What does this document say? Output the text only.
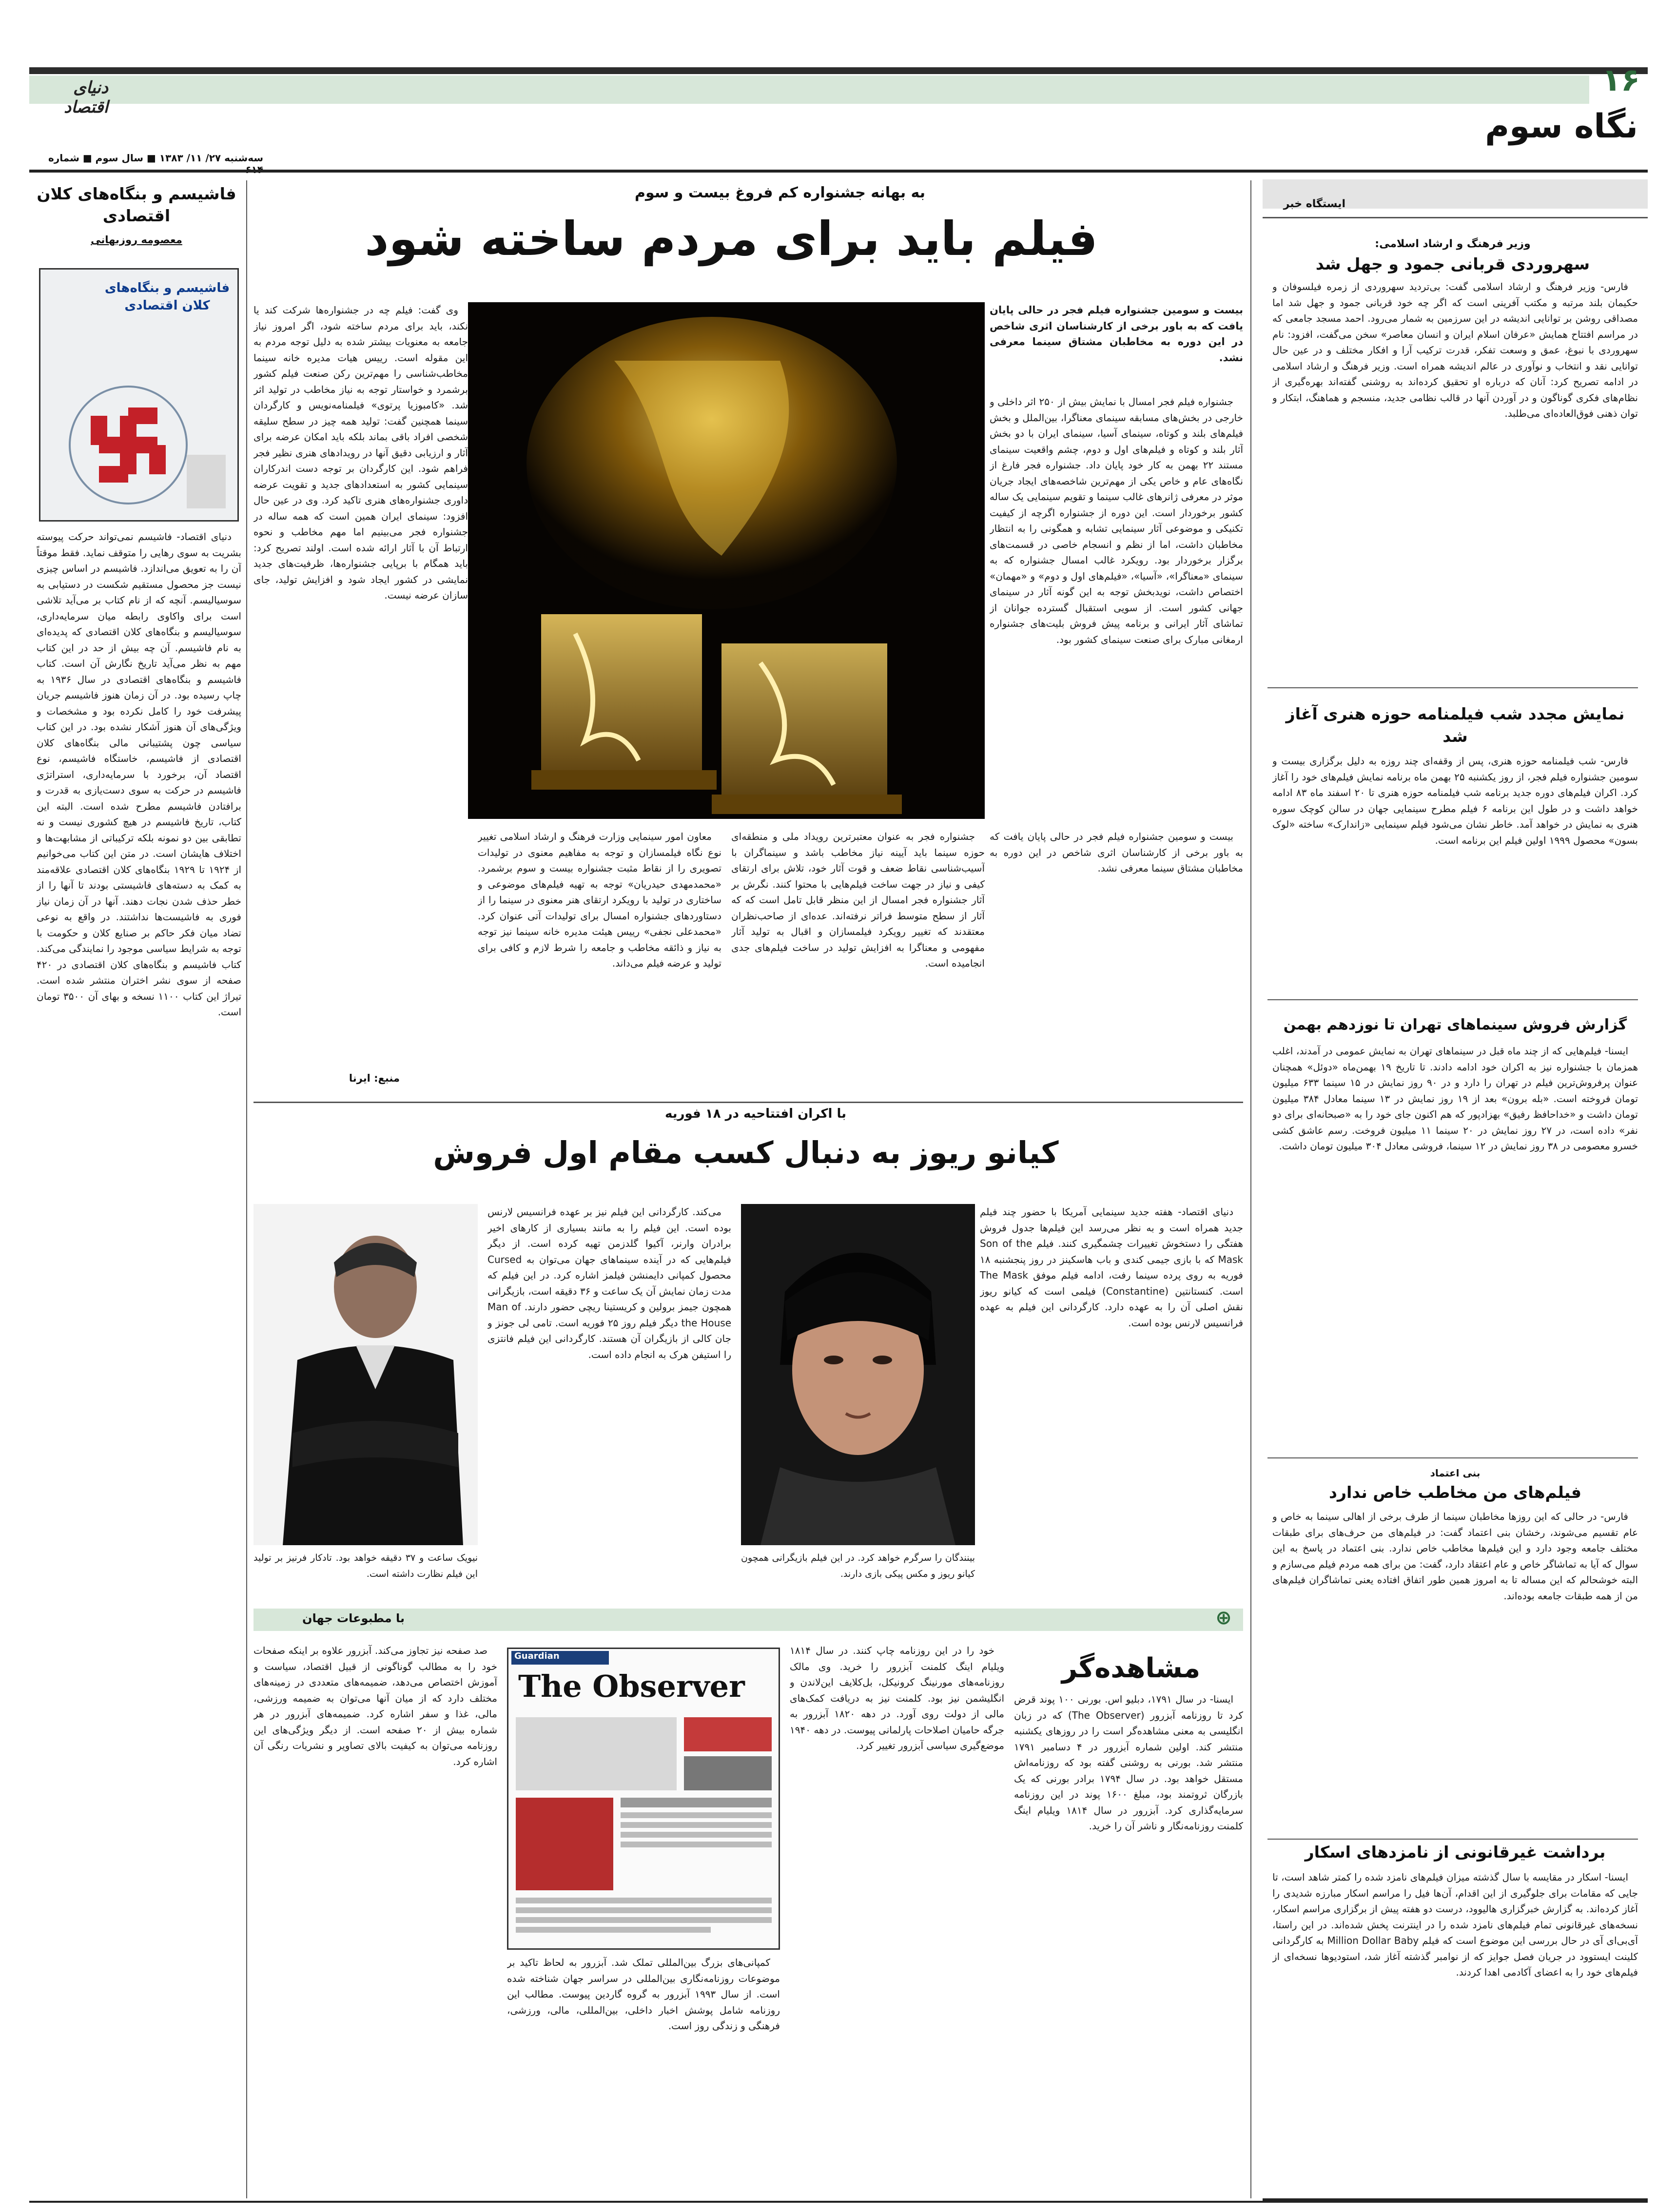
۱۶
دنیای اقتصاد	نگاه سوم
سه‌شنبه ۲۷/ ۱۱/ ۱۳۸۳ ■ سال سوم ■ شماره
ایستگاه خبر
وزیر فرهنگ و ارشاد اسلامی:
سهروردی قربانی جمود و جهل شد

فارس- وزیر فرهنگ و ارشاد اسلامی گفت: بی‌تردید سهروردی از زمره فیلسوفان و حکیمان بلند مرتبه و مکتب آفرینی است که اگر چه خود قربانی جمود و جهل شد اما مصداقی روشن بر توانایی اندیشه در این سرزمین به شمار می‌رود. احمد مسجد جامعی که در مراسم افتتاح همایش «عرفان اسلام ایران و انسان معاصر» سخن می‌گفت، افزود: نام سهروردی با نبوغ، عمق و وسعت تفکر، قدرت ترکیب آرا و افکار مختلف و در عین حال توانایی نقد و انتخاب و نوآوری در عالم اندیشه همراه است. وزیر فرهنگ و ارشاد اسلامی در ادامه تصریح کرد: آنان که درباره او تحقیق کرده‌اند به روشنی گفته‌اند بهره‌گیری از نظام‌های فکری گوناگون و در آوردن آنها در قالب نظامی جدید، منسجم و هماهنگ، ابتکار و توان ذهنی فوق‌العاده‌ای می‌طلبد.

نمایش مجدد شب فیلمنامه حوزه هنری آغاز شد

فارس- شب فیلمنامه حوزه هنری، پس از وقفه‌ای چند روزه به دلیل برگزاری بیست و سومین جشنواره فیلم فجر، از روز یکشنبه ۲۵ بهمن ماه برنامه نمایش فیلم‌های خود را آغاز کرد. اکران فیلم‌های دوره جدید برنامه شب فیلمنامه حوزه هنری تا ۲۰ اسفند ماه ۸۳ ادامه خواهد داشت و در طول این برنامه ۶ فیلم مطرح سینمایی جهان در سالن کوچک سوره هنری به نمایش در خواهد آمد. خاطر نشان می‌شود فیلم سینمایی «زاندارک» ساخته «لوک بسون» محصول ۱۹۹۹ اولین فیلم این برنامه است.

گزارش فروش سینماهای تهران تا نوزدهم بهمن

ایسنا- فیلم‌هایی که از چند ماه قبل در سینماهای تهران به نمایش عمومی در آمدند، اغلب همزمان با جشنواره نیز به اکران خود ادامه دادند. تا تاریخ ۱۹ بهمن‌ماه «دوئل» همچنان عنوان پرفروش‌ترین فیلم در تهران را دارد و در ۹۰ روز نمایش در ۱۵ سینما ۶۳۳ میلیون تومان فروخته است. «بله برون» بعد از ۱۹ روز نمایش در ۱۳ سینما معادل ۳۸۴ میلیون تومان داشت و «خداحافظ رفیق» بهزادپور که هم اکنون جای خود را به «صبحانه‌ای برای دو نفر» داده است، در ۲۷ روز نمایش در ۲۰ سینما ۱۱ میلیون فروخت. رسم عاشق کشی خسرو معصومی در ۳۸ روز نمایش در ۱۲ سینما، فروشی معادل ۳۰۴ میلیون تومان داشت.

بنی اعتماد
فیلم‌های من مخاطب خاص ندارد

فارس- در حالی که این روزها مخاطبان سینما از طرف برخی از اهالی سینما به خاص و عام تقسیم می‌شوند، رخشان بنی اعتماد گفت: در فیلم‌های من حرف‌های برای طبقات مختلف جامعه وجود دارد و این فیلم‌ها مخاطب خاص ندارد. بنی اعتماد در پاسخ به این سوال که آیا به تماشاگر خاص و عام اعتقاد دارد، گفت: من برای همه مردم فیلم می‌سازم و البته خوشحالم که این مساله تا به امروز همین طور اتفاق افتاده یعنی تماشاگران فیلم‌های من از همه طبقات جامعه بوده‌اند.

برداشت غیرقانونی از نامزدهای اسکار

ایسنا- اسکار در مقایسه با سال گذشته میزان فیلم‌های نامزد شده را کمتر شاهد است، تا جایی که مقامات برای جلوگیری از این اقدام، آن‌ها فیل را مراسم اسکار مبارزه شدیدی را آغاز کرده‌اند. به گزارش خبرگزاری هالیوود، درست دو هفته پیش از برگزاری مراسم اسکار، نسخه‌های غیرقانونی تمام فیلم‌های نامزد شده را در اینترنت پخش شده‌اند. در این راستا، آی‌بی‌ای آی در حال بررسی این موضوع است که فیلم Million Dollar Baby به کارگردانی کلینت ایستوود در جریان فصل جوایز که از نوامبر گذشته آغاز شد، استودیوها نسخه‌ای از فیلم‌های خود را به اعضای آکادمی اهدا کردند.

به بهانه جشنواره کم فروغ بیست و سوم
فیلم باید برای مردم ساخته شود

بیست و سومین جشنواره فیلم فجر در حالی پایان یافت که به باور برخی از کارشناسان اثری شاخص در این دوره به مخاطبان مشتاق سینما معرفی نشد.

جشنواره فیلم فجر امسال با نمایش بیش از ۲۵۰ اثر داخلی و خارجی در بخش‌های مسابقه سینمای معناگرا، بین‌الملل و بخش فیلم‌های بلند و کوتاه، سینمای آسیا، سینمای ایران با دو بخش آثار بلند و کوتاه و فیلم‌های اول و دوم، چشم واقعیت سینمای مستند ۲۲ بهمن به کار خود پایان داد. جشنواره فجر فارغ از نگاه‌های عام و خاص یکی از مهم‌ترین شاخصه‌های ایجاد جریان موثر در معرفی ژانرهای غالب سینما و تقویم سینمایی یک ساله کشور برخوردار است. این دوره از جشنواره اگرچه از کیفیت تکنیکی و موضوعی آثار سینمایی تشابه و همگونی را به انتظار مخاطبان داشت، اما از نظم و انسجام خاصی در قسمت‌های برگزار برخوردار بود. رویکرد غالب امسال جشنواره که به سینمای «معناگرا»، «آسیا»، «فیلم‌های اول و دوم» و «مهمان» اختصاص داشت، نویدبخش توجه به این گونه آثار در سینمای جهانی کشور است. از سویی استقبال گسترده جوانان از تماشای آثار ایرانی و برنامه پیش فروش بلیت‌های جشنواره ارمغانی مبارک برای صنعت سینمای کشور بود.

وی گفت: فیلم چه در جشنواره‌ها شرکت کند یا نکند، باید برای مردم ساخته شود، اگر امروز نیاز جامعه به معنویات بیشتر شده به دلیل توجه مردم به این مقوله است. رییس هیات مدیره خانه سینما مخاطب‌شناسی را مهم‌ترین رکن صنعت فیلم کشور برشمرد و خواستار توجه به نیاز مخاطب در تولید اثر شد. «کامبوزیا پرتوی» فیلمنامه‌نویس و کارگردان سینما همچنین گفت: تولید همه چیز در سطح سلیقه شخصی افراد باقی بماند بلکه باید امکان عرضه برای آثار و ارزیابی دقیق آنها در رویدادهای هنری نظیر فجر فراهم شود. این کارگردان بر توجه دست اندرکاران سینمایی کشور به استعدادهای جدید و تقویت عرضه داوری جشنواره‌های هنری تاکید کرد. وی در عین حال افزود: سینمای ایران همین است که همه ساله در جشنواره فجر می‌بینیم اما مهم مخاطب و نحوه ارتباط آن با آثار ارائه شده است. اولند تصریح کرد: باید همگام با برپایی جشنواره‌ها، ظرفیت‌های جدید نمایشی در کشور ایجاد شود و افزایش تولید، جای سازان عرضه نیست.

جشنواره فجر به عنوان معتبرترین رویداد ملی و منطقه‌ای حوزه سینما باید آیینه نیاز مخاطب باشد و سینماگران با آسیب‌شناسی نقاط ضعف و قوت آثار خود، تلاش برای ارتقای کیفی و نیاز در جهت ساخت فیلم‌هایی با محتوا کنند. نگرش بر آثار جشنواره فجر امسال از این منظر قابل تامل است که که آثار از سطح متوسط فراتر نرفته‌اند. عده‌ای از صاحب‌نظران معتقدند که تغییر رویکرد فیلمسازان و اقبال به تولید آثار مفهومی و معناگرا به افزایش تولید در ساخت فیلم‌های جدی انجامیده است.

معاون امور سینمایی وزارت فرهنگ و ارشاد اسلامی تغییر نوع نگاه فیلمسازان و توجه به مفاهیم معنوی در تولیدات تصویری را از نقاط مثبت جشنواره بیست و سوم برشمرد. «محمدمهدی حیدریان» توجه به تهیه فیلم‌های موضوعی و ساختاری در تولید با رویکرد ارتقای هنر معنوی در سینما را از دستاوردهای جشنواره امسال برای تولیدات آتی عنوان کرد. «محمدعلی نجفی» رییس هیئت مدیره خانه سینما نیز توجه به نیاز و ذائقه مخاطب و جامعه را شرط لازم و کافی برای تولید و عرضه فیلم می‌داند.

بیست و سومین جشنواره فیلم فجر در حالی پایان یافت که به باور برخی از کارشناسان اثری شاخص در این دوره به مخاطبان مشتاق سینما معرفی نشد.

منبع: ایرنا
با اکران افتتاحیه در ۱۸ فوریه
کیانو ریوز به دنبال کسب مقام اول فروش

دنیای اقتصاد- هفته جدید سینمایی آمریکا با حضور چند فیلم جدید همراه است و به نظر می‌رسد این فیلم‌ها جدول فروش هفتگی را دستخوش تغییرات چشمگیری کنند. فیلم Son of the Mask که با بازی جیمی کندی و باب هاسکینز در روز پنجشنبه ۱۸ فوریه به روی پرده سینما رفت، ادامه فیلم موفق The Mask است. کنستانتین (Constantine) فیلمی است که کیانو ریوز نقش اصلی آن را به عهده دارد. کارگردانی این فیلم به عهده فرانسیس لارنس بوده است.

می‌کند. کارگردانی این فیلم نیز بر عهده فرانسیس لارنس بوده است. این فیلم را به مانند بسیاری از کارهای اخیر برادران وارنر، آکیوا گلدزمن تهیه کرده است. از دیگر فیلم‌هایی که در آینده سینماهای جهان می‌توان به Cursed محصول کمپانی دایمنشن فیلمز اشاره کرد. در این فیلم که مدت زمان نمایش آن یک ساعت و ۳۶ دقیقه است، بازیگرانی همچون جیمز برولین و کریستینا ریچی حضور دارند. Man of the House دیگر فیلم روز ۲۵ فوریه است. تامی لی جونز و جان کالی از بازیگران آن هستند. کارگردانی این فیلم فانتزی را استیفن هرک به انجام داده است.

نیویک ساعت و ۳۷ دقیقه خواهد بود. تادکار فرنیز بر تولید این فیلم نظارت داشته است.

بینندگان را سرگرم خواهد کرد. در این فیلم بازیگرانی همچون کیانو ریوز و مکس پیکی بازی دارند.

با مطبوعات جهان	⊕
مشاهده‌گر

ایسنا- در سال ۱۷۹۱، دبلیو اس. بورنی ۱۰۰ پوند قرض کرد تا روزنامه آبزرور (The Observer) که در زبان انگلیسی به معنی مشاهده‌گر است را در روزهای یکشنبه منتشر کند. اولین شماره آبزرور در ۴ دسامبر ۱۷۹۱ منتشر شد. بورنی به روشنی گفته بود که روزنامه‌اش مستقل خواهد بود. در سال ۱۷۹۴ برادر بورنی که یک بازرگان ثروتمند بود، مبلغ ۱۶۰۰ پوند در این روزنامه سرمایه‌گذاری کرد. آبزرور در سال ۱۸۱۴ ویلیام اینگ کلمنت روزنامه‌نگار و ناشر آن را خرید.

خود را در این روزنامه چاپ کنند. در سال ۱۸۱۴ ویلیام اینگ کلمنت آبزرور را خرید. وی مالک روزنامه‌های مورنینگ کرونیکل، بل‌کلایف این‌لاندن و انگلیشمن نیز بود. کلمنت نیز به دریافت کمک‌های مالی از دولت روی آورد. در دهه ۱۸۲۰ آبزرور به جرگه حامیان اصلاحات پارلمانی پیوست. در دهه ۱۹۴۰ موضع‌گیری سیاسی آبزرور تغییر کرد.

Guardian
The Observer

کمپانی‌های بزرگ بین‌المللی تملک شد. آبزرور به لحاظ تاکید بر موضوعات روزنامه‌نگاری بین‌المللی در سراسر جهان شناخته شده است. از سال ۱۹۹۳ آبزرور به گروه گاردین پیوست. مطالب این روزنامه شامل پوشش اخبار داخلی، بین‌المللی، مالی، ورزشی، فرهنگی و زندگی روز است.

صد صفحه نیز تجاوز می‌کند. آبزرور علاوه بر اینکه صفحات خود را به مطالب گوناگونی از قبیل اقتصاد، سیاست و آموزش اختصاص می‌دهد، ضمیمه‌های متعددی در زمینه‌های مختلف دارد که از میان آنها می‌توان به ضمیمه ورزشی، مالی، غذا و سفر اشاره کرد. ضمیمه‌های آبزرور در هر شماره بیش از ۲۰ صفحه است. از دیگر ویژگی‌های این روزنامه می‌توان به کیفیت بالای تصاویر و نشریات رنگی آن اشاره کرد.

فاشیسم و بنگاه‌های کلان اقتصادی
معصومه روزبهانی
فاشیسم و بنگاه‌های کلان اقتصادی

دنیای اقتصاد- فاشیسم نمی‌تواند حرکت پیوسته بشریت به سوی رهایی را متوقف نماید. فقط موقتاً آن را به تعویق می‌اندازد. فاشیسم در اساس چیزی نیست جز محصول مستقیم شکست در دستیابی به سوسیالیسم. آنچه که از نام کتاب بر می‌آید تلاشی است برای واکاوی رابطه میان سرمایه‌داری، سوسیالیسم و بنگاه‌های کلان اقتصادی که پدیده‌ای به نام فاشیسم. آن چه بیش از حد در این کتاب مهم به نظر می‌آید تاریخ نگارش آن است. کتاب فاشیسم و بنگاه‌های اقتصادی در سال ۱۹۳۶ به چاپ رسیده بود. در آن زمان هنوز فاشیسم جریان پیشرفت خود را کامل نکرده بود و مشخصات و ویژگی‌های آن هنوز آشکار نشده بود. در این کتاب سیاسی چون پشتیبانی مالی بنگاه‌های کلان اقتصادی از فاشیسم، خاستگاه فاشیسم، نوع اقتصاد آن، برخورد با سرمایه‌داری، استراتژی فاشیسم در حرکت به سوی دست‌یازی به قدرت و برافتادن فاشیسم مطرح شده است. البته این کتاب، تاریخ فاشیسم در هیچ کشوری نیست و نه تطابقی بین دو نمونه بلکه ترکیباتی از مشابهت‌ها و اختلاف هایشان است. در متن این کتاب می‌خوانیم از ۱۹۲۴ تا ۱۹۲۹ بنگاه‌های کلان اقتصادی علاقه‌مند به کمک به دسته‌های فاشیستی بودند تا آنها را از خطر حذف شدن نجات دهند. آنها در آن زمان نیاز فوری به فاشیست‌ها نداشتند. در واقع به نوعی تضاد میان فکر حاکم بر صنایع کلان و حکومت با توجه به شرایط سیاسی موجود را نمایندگی می‌کند. کتاب فاشیسم و بنگاه‌های کلان اقتصادی در ۴۲۰ صفحه از سوی نشر اختران منتشر شده است. تیراژ این کتاب ۱۱۰۰ نسخه و بهای آن ۳۵۰۰ تومان است.
